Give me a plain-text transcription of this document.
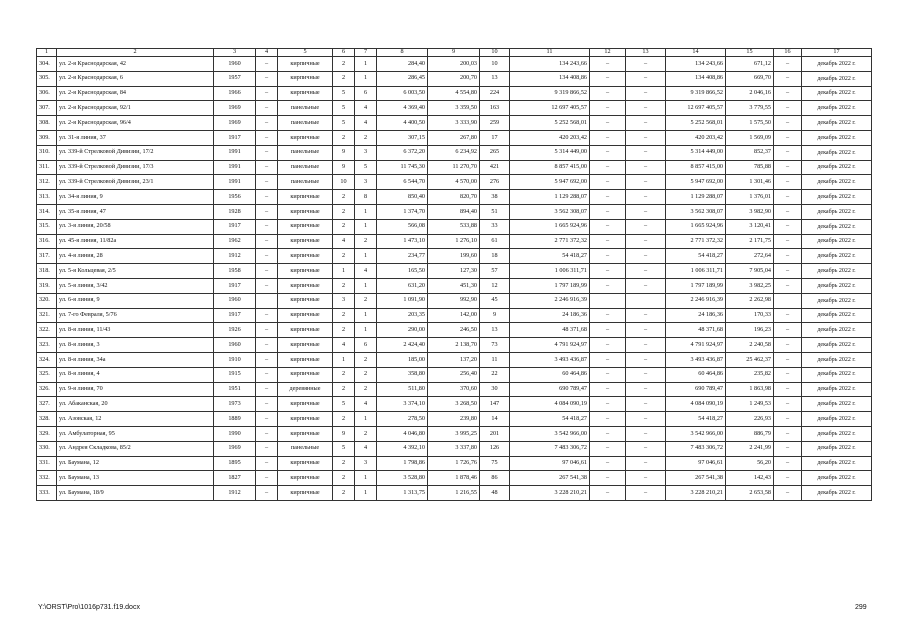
1	2	3	4	5	6	7	8	9	10	11	12	13	14	15	16	17
304.	ул. 2-я Краснодарская, 42	1960	–	кирпичные	2	1	284,40	200,03	10	134 243,66	–	–	134 243,66	671,12	–	декабрь 2022 г.
305.	ул. 2-я Краснодарская, 6	1957	–	кирпичные	2	1	286,45	200,70	13	134 408,86	–	–	134 408,86	669,70	–	декабрь 2022 г.
306.	ул. 2-я Краснодарская, 84	1966	–	кирпичные	5	6	6 003,50	4 554,80	224	9 319 866,52	–	–	9 319 866,52	2 046,16	–	декабрь 2022 г.
307.	ул. 2-я Краснодарская, 92/1	1969	–	панельные	5	4	4 369,40	3 359,50	163	12 697 405,57	–	–	12 697 405,57	3 779,55	–	декабрь 2022 г.
308.	ул. 2-я Краснодарская, 96/4	1969	–	панельные	5	4	4 400,50	3 333,90	259	5 252 568,01	–	–	5 252 568,01	1 575,50	–	декабрь 2022 г.
309.	ул. 31-я линия, 37	1917	–	кирпичные	2	2	307,15	267,80	17	420 203,42	–	–	420 203,42	1 569,09	–	декабрь 2022 г.
310.	ул. 339-й Стрелковой Дивизии, 17/2	1991	–	панельные	9	3	6 372,20	6 234,92	265	5 314 449,00	–	–	5 314 449,00	852,37	–	декабрь 2022 г.
311.	ул. 339-й Стрелковой Дивизии, 17/3	1991	–	панельные	9	5	11 745,30	11 270,70	421	8 857 415,00	–	–	8 857 415,00	785,88	–	декабрь 2022 г.
312.	ул. 339-й Стрелковой Дивизии, 23/1	1991	–	панельные	10	3	6 544,70	4 570,00	276	5 947 692,00	–	–	5 947 692,00	1 301,46	–	декабрь 2022 г.
313.	ул. 34-я линия, 9	1956	–	кирпичные	2	8	850,40	820,70	38	1 129 288,07	–	–	1 129 288,07	1 376,01	–	декабрь 2022 г.
314.	ул. 35-я линия, 47	1928	–	кирпичные	2	1	1 374,70	894,40	51	3 562 308,07	–	–	3 562 308,07	3 982,90	–	декабрь 2022 г.
315.	ул. 3-я линия, 20/58	1917	–	кирпичные	2	1	566,08	533,88	33	1 665 924,96	–	–	1 665 924,96	3 120,41	–	декабрь 2022 г.
316.	ул. 45-я линия, 11/82а	1962	–	кирпичные	4	2	1 473,10	1 276,10	61	2 771 372,32	–	–	2 771 372,32	2 171,75	–	декабрь 2022 г.
317.	ул. 4-я линия, 28	1912	–	кирпичные	2	1	234,77	199,60	18	54 418,27	–	–	54 418,27	272,64	–	декабрь 2022 г.
318.	ул. 5-я Кольцевая, 2/5	1958	–	кирпичные	1	4	165,50	127,30	57	1 006 311,71	–	–	1 006 311,71	7 905,04	–	декабрь 2022 г.
319.	ул. 5-я линия, 3/42	1917	–	кирпичные	2	1	631,20	451,30	12	1 797 189,99	–	–	1 797 189,99	3 982,25	–	декабрь 2022 г.
320.	ул. 6-я линия, 9	1960		кирпичные	3	2	1 091,90	992,90	45	2 246 916,39			2 246 916,39	2 262,98		декабрь 2022 г.
321.	ул. 7-го Февраля, 5/76	1917	–	кирпичные	2	1	203,35	142,00	9	24 186,36	–	–	24 186,36	170,33	–	декабрь 2022 г.
322.	ул. 8-я линия, 11/43	1926	–	кирпичные	2	1	290,00	246,50	13	48 371,68	–	–	48 371,68	196,23	–	декабрь 2022 г.
323.	ул. 8-я линия, 3	1960	–	кирпичные	4	6	2 424,40	2 138,70	73	4 791 924,97	–	–	4 791 924,97	2 240,58	–	декабрь 2022 г.
324.	ул. 8-я линия, 34а	1910	–	кирпичные	1	2	185,00	137,20	11	3 493 436,87	–	–	3 493 436,87	25 462,37	–	декабрь 2022 г.
325.	ул. 8-я линия, 4	1915	–	кирпичные	2	2	358,80	256,40	22	60 464,86	–	–	60 464,86	235,82	–	декабрь 2022 г.
326.	ул. 9-я линия, 70	1951	–	деревянные	2	2	511,80	370,60	30	690 789,47	–	–	690 789,47	1 863,98	–	декабрь 2022 г.
327.	ул. Абаканская, 20	1973	–	кирпичные	5	4	3 374,10	3 268,50	147	4 084 090,19	–	–	4 084 090,19	1 249,53	–	декабрь 2022 г.
328.	ул. Азовская, 12	1889	–	кирпичные	2	1	278,50	239,80	14	54 418,27	–	–	54 418,27	226,93	–	декабрь 2022 г.
329.	ул. Амбулаторная, 95	1990	–	кирпичные	9	2	4 046,80	3 995,25	201	3 542 966,00	–	–	3 542 966,00	886,79	–	декабрь 2022 г.
330.	ул. Андрея Складкова, 85/2	1969	–	панельные	5	4	4 392,10	3 337,80	126	7 483 306,72	–	–	7 483 306,72	2 241,99	–	декабрь 2022 г.
331.	ул. Баумана, 12	1895	–	кирпичные	2	3	1 798,86	1 726,76	75	97 046,61	–	–	97 046,61	56,20	–	декабрь 2022 г.
332.	ул. Баумана, 13	1827	–	кирпичные	2	1	3 528,80	1 878,46	86	267 541,38	–	–	267 541,38	142,43	–	декабрь 2022 г.
333.	ул. Баумана, 18/9	1912	–	кирпичные	2	1	1 313,75	1 216,55	48	3 228 210,21	–	–	3 228 210,21	2 653,58	–	декабрь 2022 г.
Y:\ORST\Pro\1016p731.f19.docx	299
